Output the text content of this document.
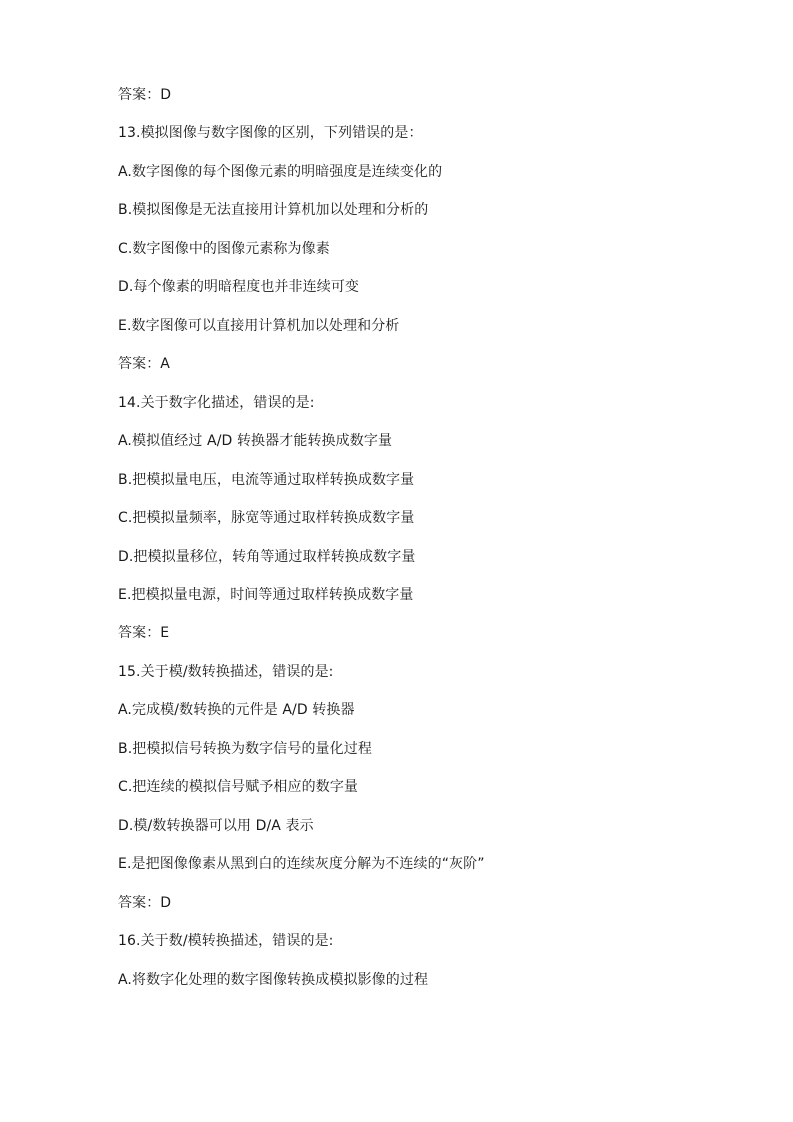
答案：D
13.模拟图像与数字图像的区别，下列错误的是：
A.数字图像的每个图像元素的明暗强度是连续变化的
B.模拟图像是无法直接用计算机加以处理和分析的
C.数字图像中的图像元素称为像素
D.每个像素的明暗程度也并非连续可变
E.数字图像可以直接用计算机加以处理和分析
答案：A
14.关于数字化描述，错误的是:
A.模拟值经过 A/D 转换器才能转换成数字量
B.把模拟量电压，电流等通过取样转换成数字量
C.把模拟量频率，脉宽等通过取样转换成数字量
D.把模拟量移位，转角等通过取样转换成数字量
E.把模拟量电源，时间等通过取样转换成数字量
答案：E
15.关于模/数转换描述，错误的是:
A.完成模/数转换的元件是 A/D 转换器
B.把模拟信号转换为数字信号的量化过程
C.把连续的模拟信号赋予相应的数字量
D.模/数转换器可以用 D/A 表示
E.是把图像像素从黑到白的连续灰度分解为不连续的“灰阶”
答案：D
16.关于数/模转换描述，错误的是:
A.将数字化处理的数字图像转换成模拟影像的过程
